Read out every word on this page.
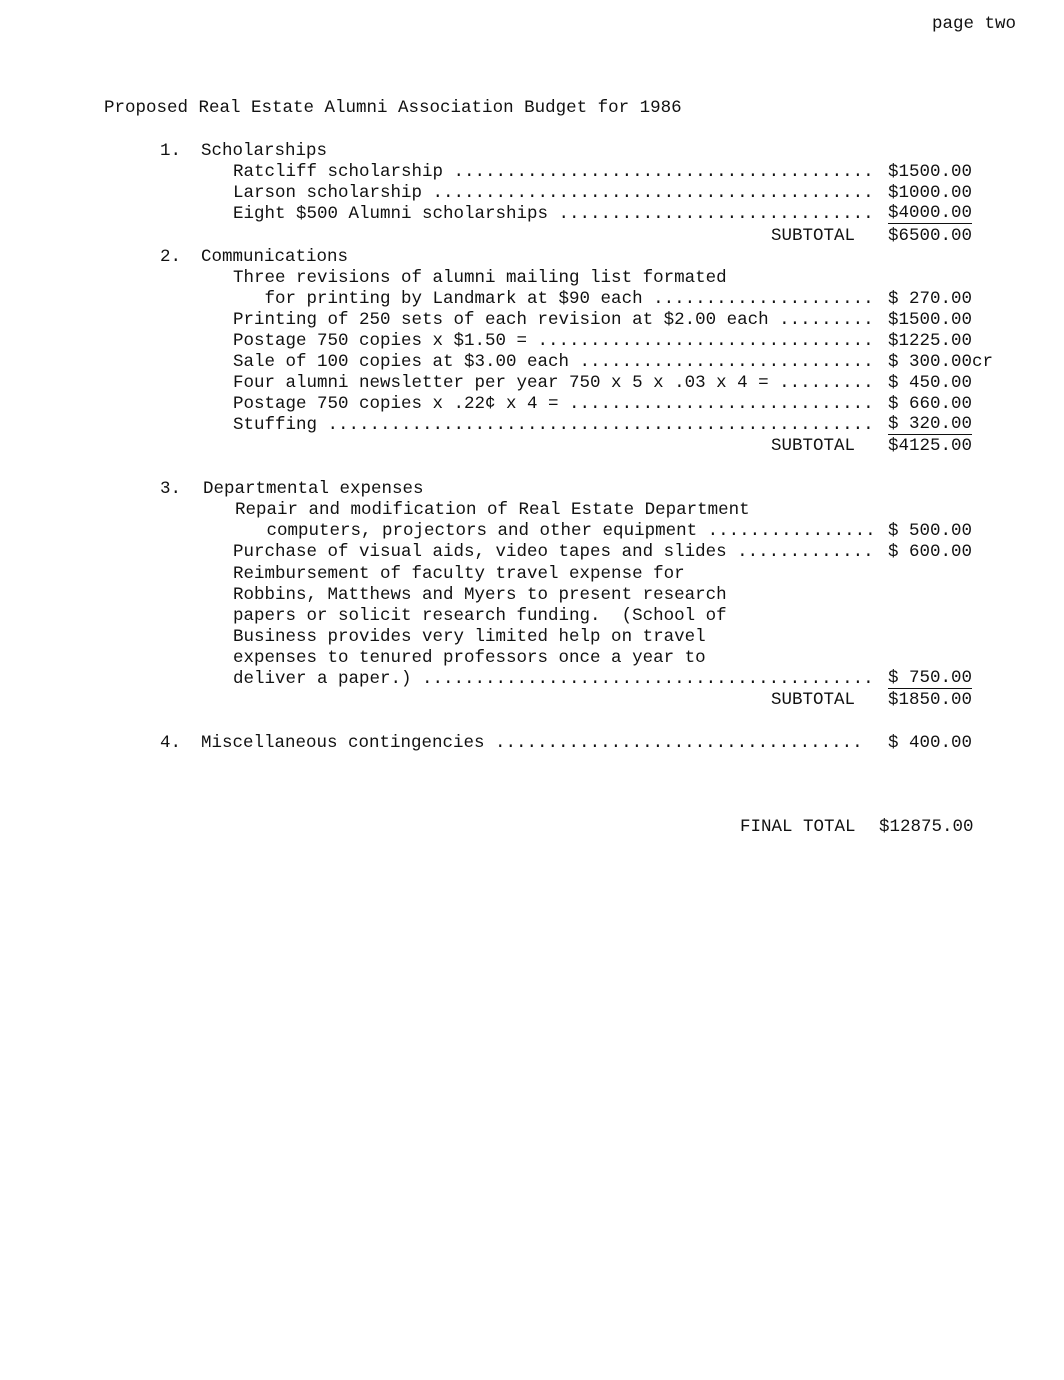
page two
Proposed Real Estate Alumni Association Budget for 1986
1. Scholarships
Ratcliff scholarship ........................................ $1500.00
Larson scholarship .......................................... $1000.00
Eight $500 Alumni scholarships .............................. $4000.00
SUBTOTAL $6500.00
2. Communications
Three revisions of alumni mailing list formated
for printing by Landmark at $90 each ..................... $ 270.00
Printing of 250 sets of each revision at $2.00 each ......... $1500.00
Postage 750 copies x $1.50 = ................................ $1225.00
Sale of 100 copies at $3.00 each ............................ $ 300.00cr
Four alumni newsletter per year 750 x 5 x .03 x 4 = ......... $ 450.00
Postage 750 copies x .22¢ x 4 = ............................. $ 660.00
Stuffing .................................................... $ 320.00
SUBTOTAL $4125.00
3. Departmental expenses
Repair and modification of Real Estate Department
computers, projectors and other equipment ................ $ 500.00
Purchase of visual aids, video tapes and slides ............. $ 600.00
Reimbursement of faculty travel expense for
Robbins, Matthews and Myers to present research
papers or solicit research funding.  (School of
Business provides very limited help on travel
expenses to tenured professors once a year to
deliver a paper.) ........................................... $ 750.00
SUBTOTAL $1850.00
4. Miscellaneous contingencies ...................................	$ 400.00
FINAL TOTAL $12875.00
